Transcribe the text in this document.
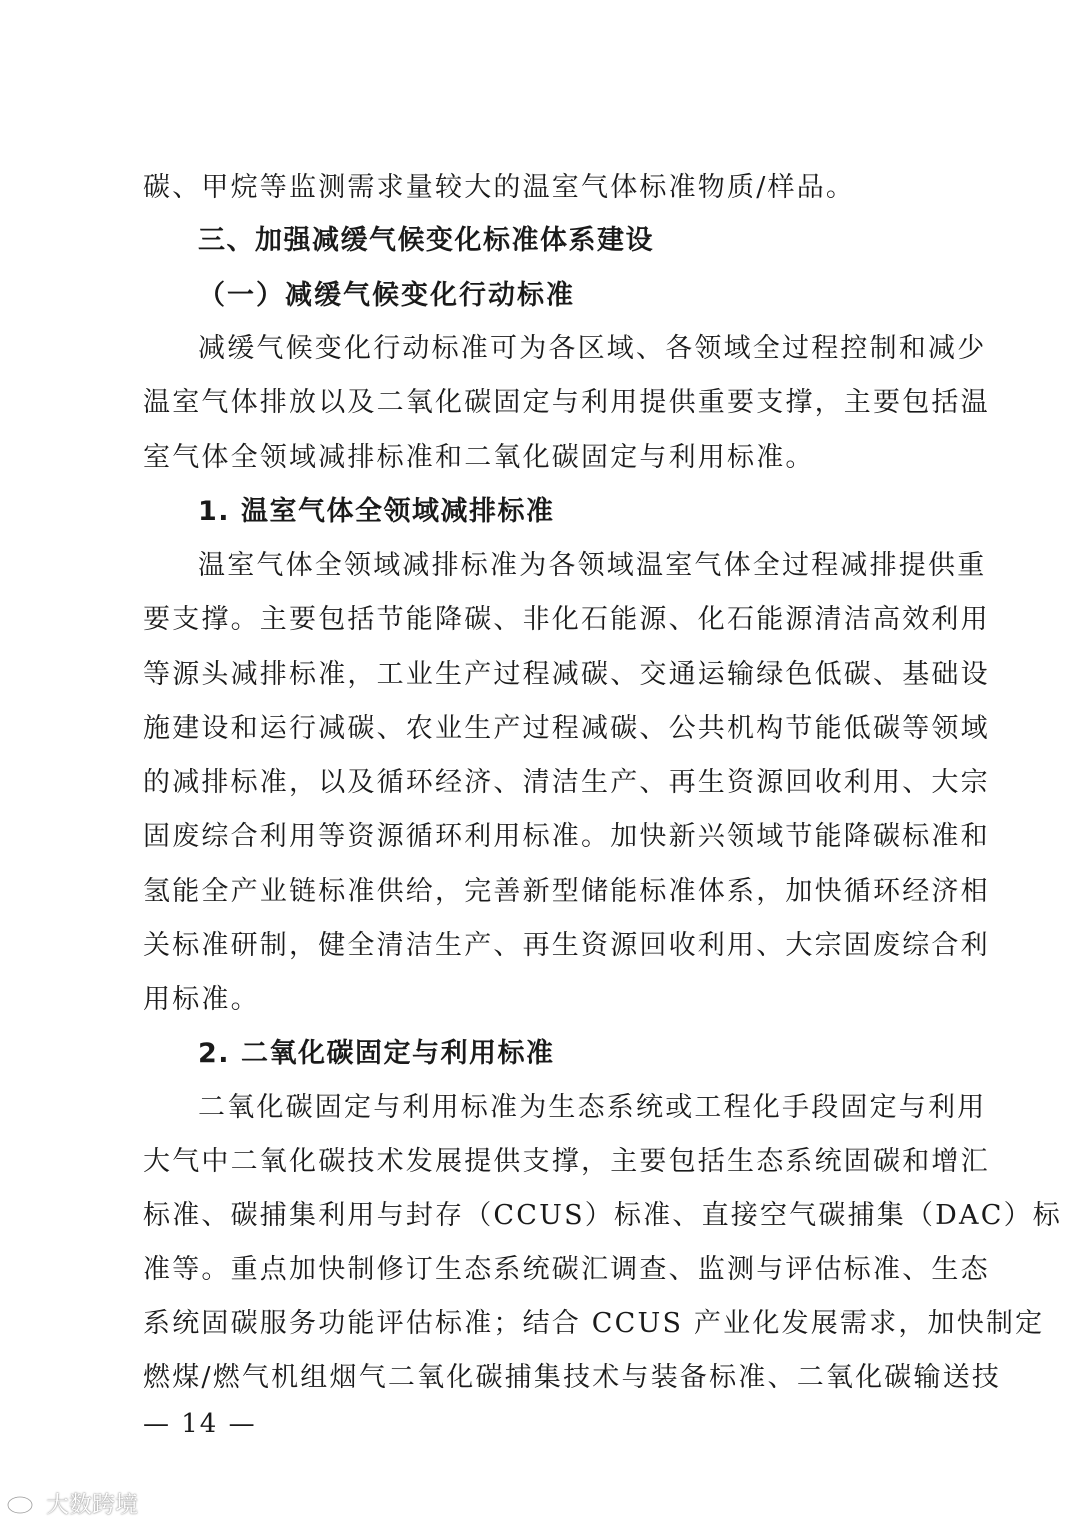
碳、甲烷等监测需求量较大的温室气体标准物质/样品。
三、加强减缓气候变化标准体系建设
（一）减缓气候变化行动标准
减缓气候变化行动标准可为各区域、各领域全过程控制和减少
温室气体排放以及二氧化碳固定与利用提供重要支撑，主要包括温
室气体全领域减排标准和二氧化碳固定与利用标准。
1. 温室气体全领域减排标准
温室气体全领域减排标准为各领域温室气体全过程减排提供重
要支撑。主要包括节能降碳、非化石能源、化石能源清洁高效利用
等源头减排标准，工业生产过程减碳、交通运输绿色低碳、基础设
施建设和运行减碳、农业生产过程减碳、公共机构节能低碳等领域
的减排标准，以及循环经济、清洁生产、再生资源回收利用、大宗
固废综合利用等资源循环利用标准。加快新兴领域节能降碳标准和
氢能全产业链标准供给，完善新型储能标准体系，加快循环经济相
关标准研制，健全清洁生产、再生资源回收利用、大宗固废综合利
用标准。
2. 二氧化碳固定与利用标准
二氧化碳固定与利用标准为生态系统或工程化手段固定与利用
大气中二氧化碳技术发展提供支撑，主要包括生态系统固碳和增汇
标准、碳捕集利用与封存（CCUS）标准、直接空气碳捕集（DAC）标
准等。重点加快制修订生态系统碳汇调查、监测与评估标准、生态
系统固碳服务功能评估标准；结合 CCUS 产业化发展需求，加快制定
燃煤/燃气机组烟气二氧化碳捕集技术与装备标准、二氧化碳输送技
— 14 —
大数跨境
